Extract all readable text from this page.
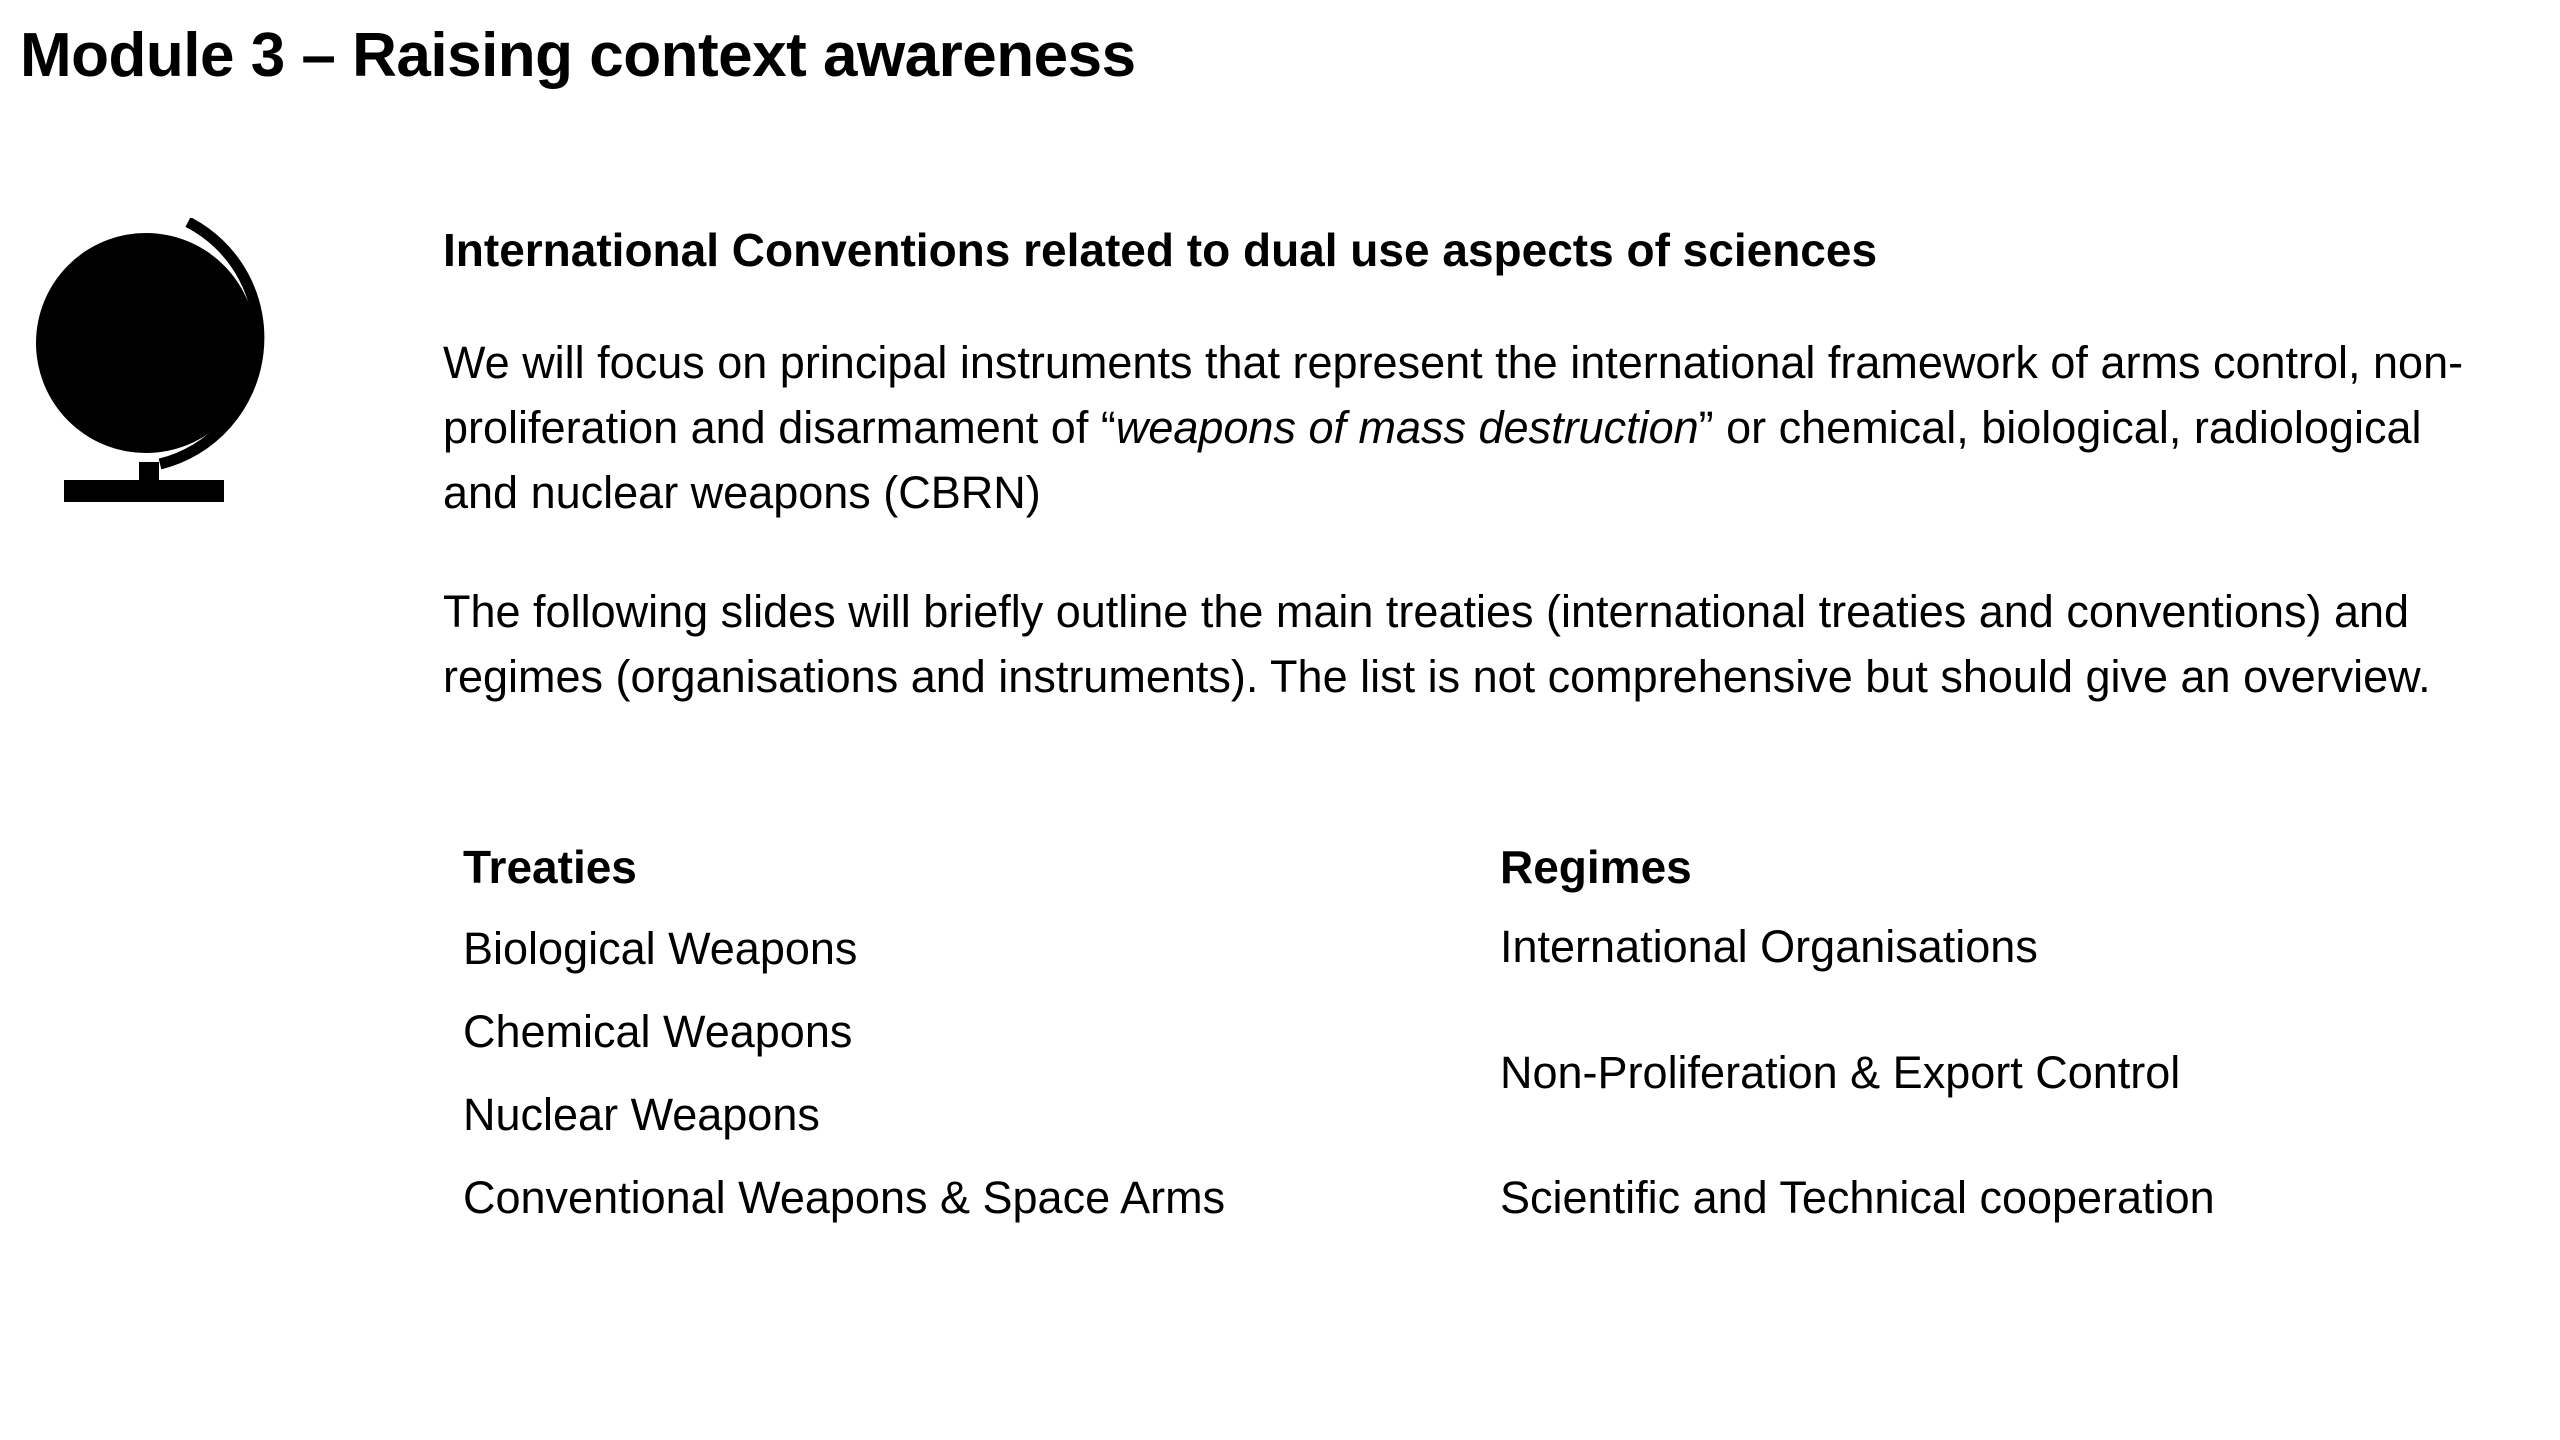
Module 3 – Raising context awareness

International Conventions related to dual use aspects of sciences

We will focus on principal instruments that represent the international framework of arms control, non-proliferation and disarmament of “weapons of mass destruction” or chemical, biological, radiological and nuclear weapons (CBRN)

The following slides will briefly outline the main treaties (international treaties and conventions) and regimes (organisations and instruments). The list is not comprehensive but should give an overview.

Treaties
Biological Weapons
Chemical Weapons
Nuclear Weapons
Conventional Weapons & Space Arms
Regimes
International Organisations
Non-Proliferation & Export Control
Scientific and Technical cooperation
